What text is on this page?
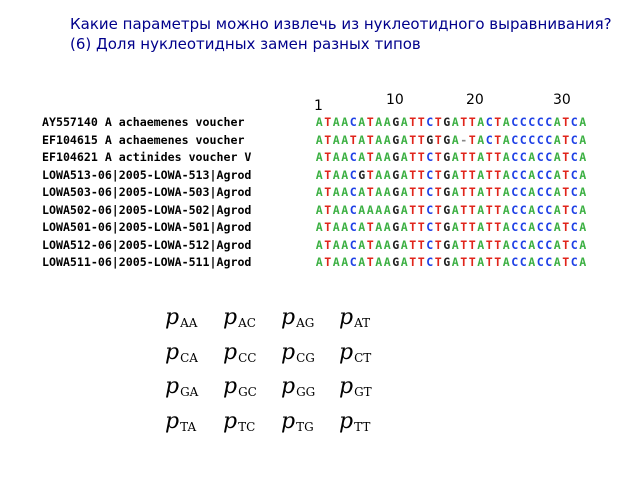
Какие параметры можно извлечь из нуклеотидного выравнивания?
(6) Доля нуклеотидных замен разных типов
1	10	20	30
AY557140 A achaemenes voucher	A T A A C A T A A G A T T C T G A T T A C T A C C C C C A T C A
EF104615 A achaemenes voucher	A T A A T A T A A G A T T G T G A - T A C T A C C C C C A T C A
EF104621 A actinides voucher V	A T A A C A T A A G A T T C T G A T T A T T A C C A C C A T C A
LOWA513-06|2005-LOWA-513|Agrod	A T A A C G T A A G A T T C T G A T T A T T A C C A C C A T C A
LOWA503-06|2005-LOWA-503|Agrod	A T A A C A T A A G A T T C T G A T T A T T A C C A C C A T C A
LOWA502-06|2005-LOWA-502|Agrod	A T A A C A A A A G A T T C T G A T T A T T A C C A C C A T C A
LOWA501-06|2005-LOWA-501|Agrod	A T A A C A T A A G A T T C T G A T T A T T A C C A C C A T C A
LOWA512-06|2005-LOWA-512|Agrod	A T A A C A T A A G A T T C T G A T T A T T A C C A C C A T C A
LOWA511-06|2005-LOWA-511|Agrod	A T A A C A T A A G A T T C T G A T T A T T A C C A C C A T C A
$p_{AA}$	$p_{AC}$	$p_{AG}$	$p_{AT}$
$p_{CA}$	$p_{CC}$	$p_{CG}$	$p_{CT}$
$p_{GA}$	$p_{GC}$	$p_{GG}$	$p_{GT}$
$p_{TA}$	$p_{TC}$	$p_{TG}$	$p_{TT}$
